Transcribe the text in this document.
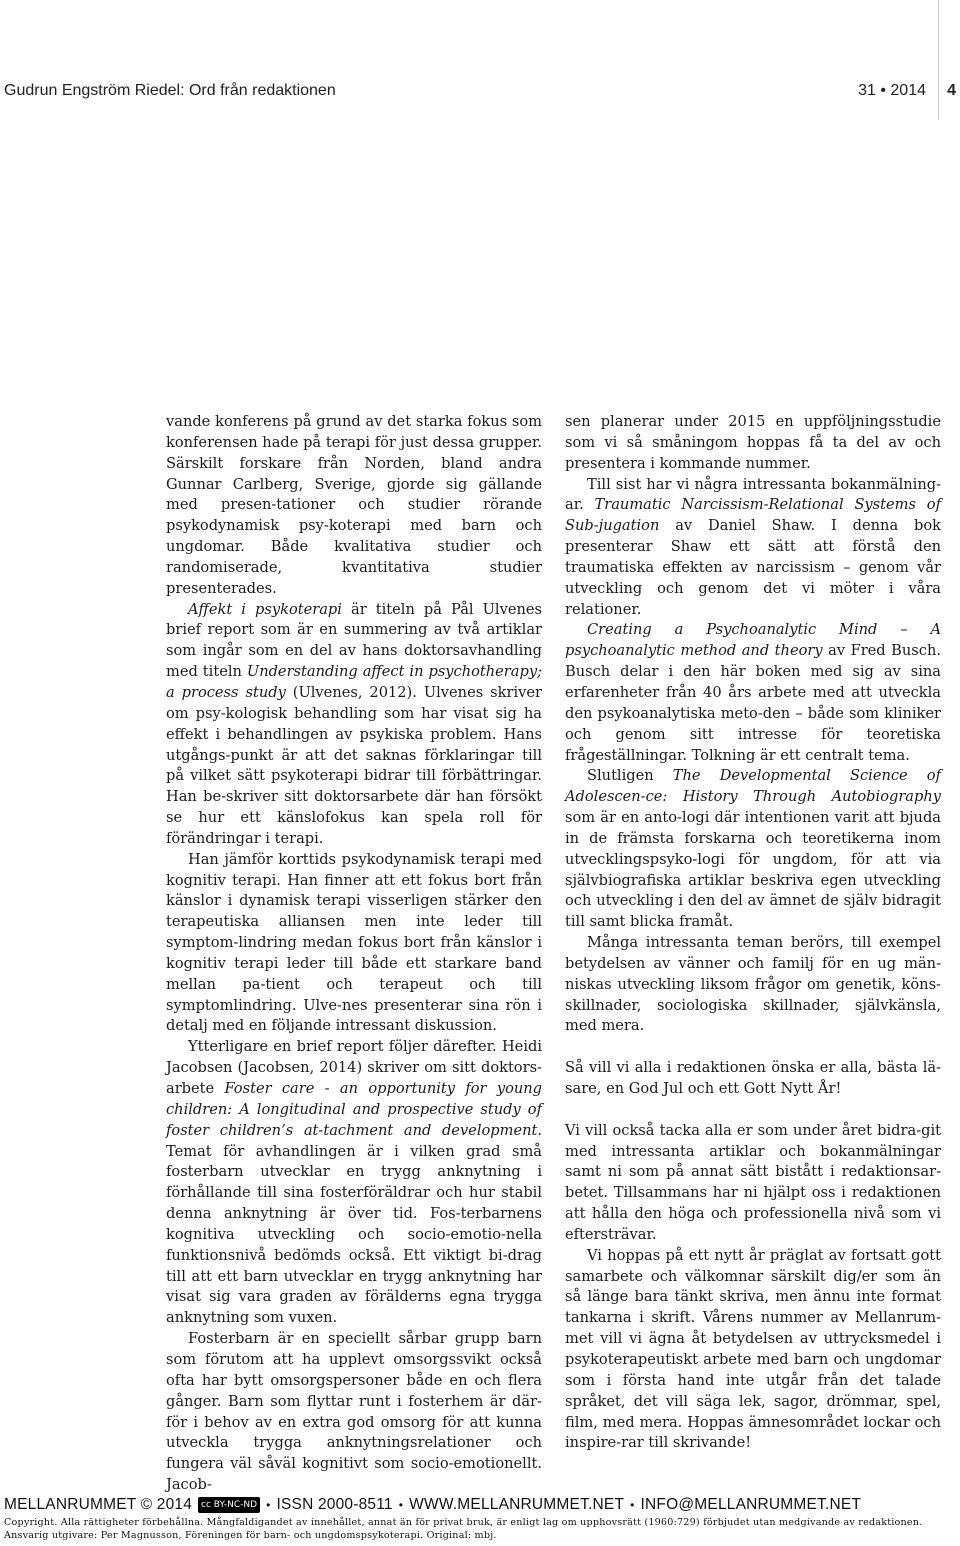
Gudrun Engström Riedel: Ord från redaktionen	31 • 2014 4

vande konferens på grund av det starka fokus som konferensen hade på terapi för just dessa grupper. Särskilt forskare från Norden, bland andra Gunnar Carlberg, Sverige, gjorde sig gällande med presen-tationer och studier rörande psykodynamisk psy-koterapi med barn och ungdomar. Både kvalitativa studier och randomiserade, kvantitativa studier presenterades.

Affekt i psykoterapi är titeln på Pål Ulvenes brief report som är en summering av två artiklar som ingår som en del av hans doktorsavhandling med titeln Understanding affect in psychotherapy; a process study (Ulvenes, 2012). Ulvenes skriver om psy-kologisk behandling som har visat sig ha effekt i behandlingen av psykiska problem. Hans utgångs-punkt är att det saknas förklaringar till på vilket sätt psykoterapi bidrar till förbättringar. Han be-skriver sitt doktorsarbete där han försökt se hur ett känslofokus kan spela roll för förändringar i terapi.

Han jämför korttids psykodynamisk terapi med kognitiv terapi. Han finner att ett fokus bort från känslor i dynamisk terapi visserligen stärker den terapeutiska alliansen men inte leder till symptom-lindring medan fokus bort från känslor i kognitiv terapi leder till både ett starkare band mellan pa-tient och terapeut och till symptomlindring. Ulve-nes presenterar sina rön i detalj med en följande intressant diskussion.

Ytterligare en brief report följer därefter. Heidi Jacobsen (Jacobsen, 2014) skriver om sitt doktors-arbete Foster care - an opportunity for young children: A longitudinal and prospective study of foster children’s at-tachment and development. Temat för avhandlingen är i vilken grad små fosterbarn utvecklar en trygg anknytning i förhållande till sina fosterföräldrar och hur stabil denna anknytning är över tid. Fos-terbarnens kognitiva utveckling och socio-emotio-nella funktionsnivå bedömds också. Ett viktigt bi-drag till att ett barn utvecklar en trygg anknytning har visat sig vara graden av förälderns egna trygga anknytning som vuxen.

Fosterbarn är en speciellt sårbar grupp barn som förutom att ha upplevt omsorgssvikt också ofta har bytt omsorgspersoner både en och flera gånger. Barn som flyttar runt i fosterhem är där-för i behov av en extra god omsorg för att kunna utveckla trygga anknytningsrelationer och fungera väl såväl kognitivt som socio-emotionellt. Jacob-

sen planerar under 2015 en uppföljningsstudie som vi så småningom hoppas få ta del av och presentera i kommande nummer.

Till sist har vi några intressanta bokanmälning-ar. Traumatic Narcissism-Relational Systems of Sub-jugation av Daniel Shaw. I denna bok presenterar Shaw ett sätt att förstå den traumatiska effekten av narcissism – genom vår utveckling och genom det vi möter i våra relationer.

Creating a Psychoanalytic Mind – A psychoanalytic method and theory av Fred Busch. Busch delar i den här boken med sig av sina erfarenheter från 40 års arbete med att utveckla den psykoanalytiska meto-den – både som kliniker och genom sitt intresse för teoretiska frågeställningar. Tolkning är ett centralt tema.

Slutligen The Developmental Science of Adolescen-ce: History Through Autobiography som är en anto-logi där intentionen varit att bjuda in de främsta forskarna och teoretikerna inom utvecklingspsyko-logi för ungdom, för att via självbiografiska artiklar beskriva egen utveckling och utveckling i den del av ämnet de själv bidragit till samt blicka framåt.

Många intressanta teman berörs, till exempel betydelsen av vänner och familj för en ug män-niskas utveckling liksom frågor om genetik, köns-skillnader, sociologiska skillnader, självkänsla, med mera.

Så vill vi alla i redaktionen önska er alla, bästa lä-sare, en God Jul och ett Gott Nytt År!

Vi vill också tacka alla er som under året bidra-git med intressanta artiklar och bokanmälningar samt ni som på annat sätt bistått i redaktionsar-betet. Tillsammans har ni hjälpt oss i redaktionen att hålla den höga och professionella nivå som vi eftersträvar.

Vi hoppas på ett nytt år präglat av fortsatt gott samarbete och välkomnar särskilt dig/er som än så länge bara tänkt skriva, men ännu inte format tankarna i skrift. Vårens nummer av Mellanrum-met vill vi ägna åt betydelsen av uttrycksmedel i psykoterapeutiskt arbete med barn och ungdomar som i första hand inte utgår från det talade språket, det vill säga lek, sagor, drömmar, spel, film, med mera. Hoppas ämnesområdet lockar och inspire-rar till skrivande!

MELLANRUMMET © 2014 cc BY-NC-ND • ISSN 2000-8511 • WWW.MELLANRUMMET.NET • INFO@MELLANRUMMET.NET
Copyright. Alla rättigheter förbehållna. Mångfaldigandet av innehållet, annat än för privat bruk, är enligt lag om upphovsrätt (1960:729) förbjudet utan medgivande av redaktionen.
Ansvarig utgivare: Per Magnusson, Föreningen för barn- och ungdomspsykoterapi. Original: mbj.
